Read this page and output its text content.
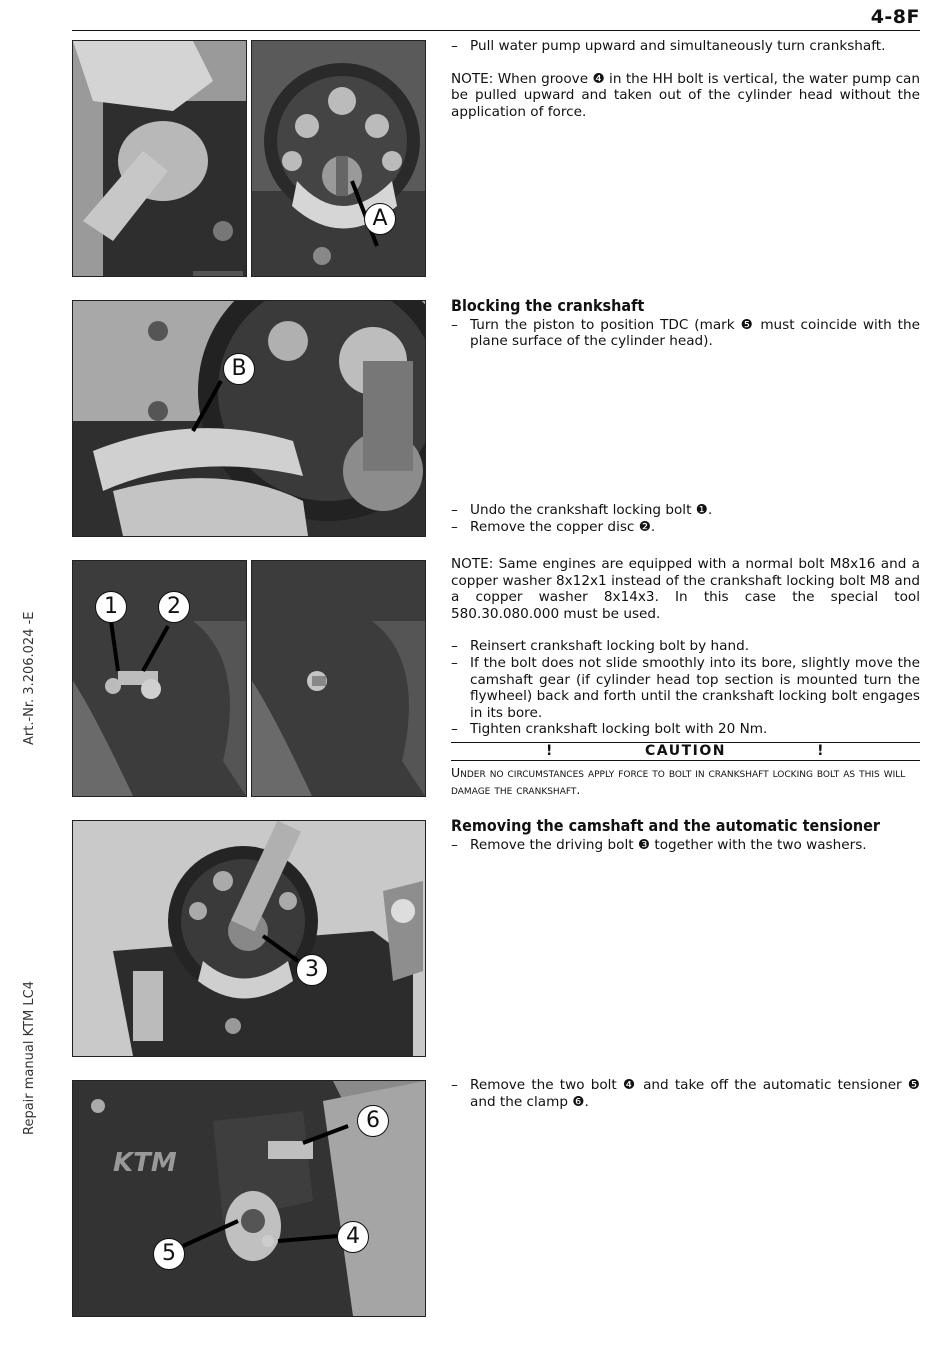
4-8F
Art.-Nr. 3.206.024 -E
Repair manual KTM LC4
A
– Pull water pump upward and simultaneously turn crankshaft.

NOTE: When groove ❹ in the HH bolt is vertical, the water pump can be pulled upward and taken out of the cylinder head without the application of force.

B
Blocking the crankshaft
– Turn the piston to position TDC (mark ❺ must coincide with the plane surface of the cylinder head).
– Undo the crankshaft locking bolt ❶.
– Remove the copper disc ❷.
1	2

NOTE: Same engines are equipped with a normal bolt M8x16 and a copper washer 8x12x1 instead of the crankshaft locking bolt M8 and a copper washer 8x14x3. In this case the special tool 580.30.080.000 must be used.

– Reinsert crankshaft locking bolt by hand.
– If the bolt does not slide smoothly into its bore, slightly move the camshaft gear (if cylinder head top section is mounted turn the flywheel) back and forth until the crankshaft locking bolt engages in its bore.
– Tighten crankshaft locking bolt with 20 Nm.
!	CAUTION	!
Under no circumstances apply force to bolt in crankshaft locking bolt as this will damage the crankshaft.
3
Removing the camshaft and the automatic tensioner
– Remove the driving bolt ❸ together with the two washers.
KTM
6
4
5
– Remove the two bolt ❹ and take off the automatic tensioner ❺ and the clamp ❻.
